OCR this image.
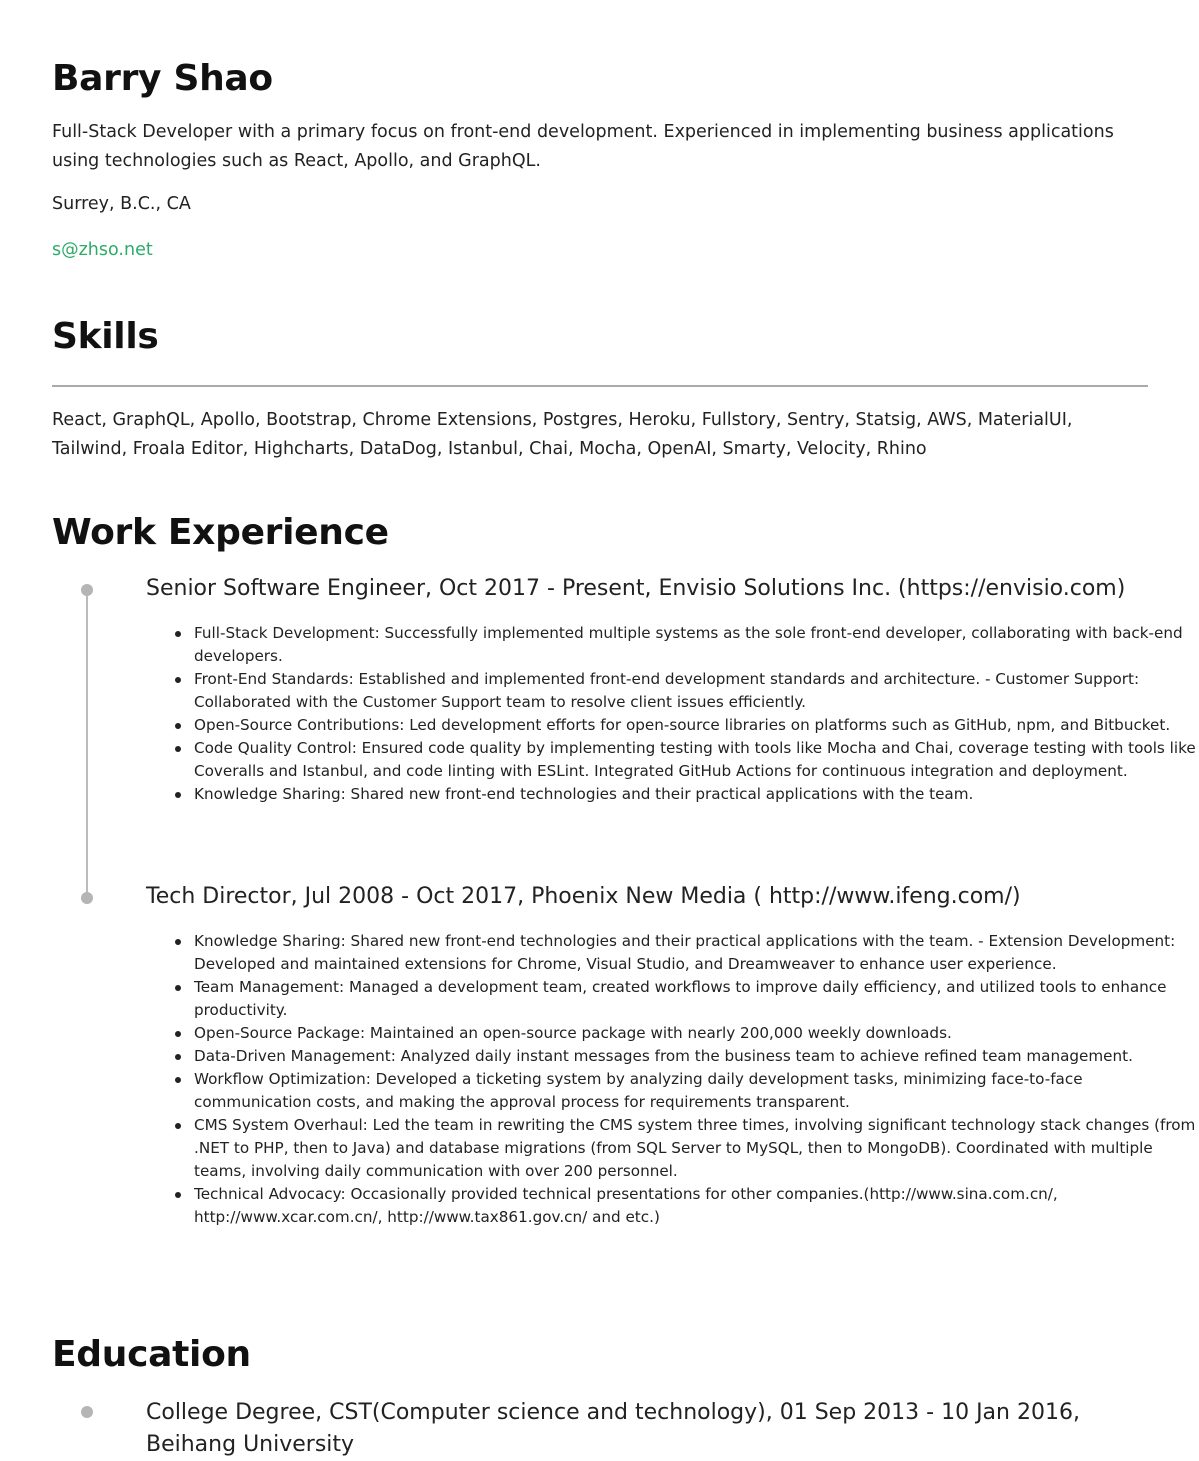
Barry Shao

Full-Stack Developer with a primary focus on front-end development. Experienced in implementing business applications using technologies such as React, Apollo, and GraphQL.

Surrey, B.C., CA

s@zhso.net
Skills

React, GraphQL, Apollo, Bootstrap, Chrome Extensions, Postgres, Heroku, Fullstory, Sentry, Statsig, AWS, MaterialUI, Tailwind, Froala Editor, Highcharts, DataDog, Istanbul, Chai, Mocha, OpenAI, Smarty, Velocity, Rhino

Work Experience
Senior Software Engineer, Oct 2017 - Present, Envisio Solutions Inc. (https://envisio.com)
Full-Stack Development: Successfully implemented multiple systems as the sole front-end developer, collaborating with back-end developers.
Front-End Standards: Established and implemented front-end development standards and architecture. - Customer Support: Collaborated with the Customer Support team to resolve client issues efficiently.
Open-Source Contributions: Led development efforts for open-source libraries on platforms such as GitHub, npm, and Bitbucket.
Code Quality Control: Ensured code quality by implementing testing with tools like Mocha and Chai, coverage testing with tools like Coveralls and Istanbul, and code linting with ESLint. Integrated GitHub Actions for continuous integration and deployment.
Knowledge Sharing: Shared new front-end technologies and their practical applications with the team.
Tech Director, Jul 2008 - Oct 2017, Phoenix New Media ( http://www.ifeng.com/)
Knowledge Sharing: Shared new front-end technologies and their practical applications with the team. - Extension Development: Developed and maintained extensions for Chrome, Visual Studio, and Dreamweaver to enhance user experience.
Team Management: Managed a development team, created workflows to improve daily efficiency, and utilized tools to enhance productivity.
Open-Source Package: Maintained an open-source package with nearly 200,000 weekly downloads.
Data-Driven Management: Analyzed daily instant messages from the business team to achieve refined team management.
Workflow Optimization: Developed a ticketing system by analyzing daily development tasks, minimizing face-to-face communication costs, and making the approval process for requirements transparent.
CMS System Overhaul: Led the team in rewriting the CMS system three times, involving significant technology stack changes (from .NET to PHP, then to Java) and database migrations (from SQL Server to MySQL, then to MongoDB). Coordinated with multiple teams, involving daily communication with over 200 personnel.
Technical Advocacy: Occasionally provided technical presentations for other companies.(http://www.sina.com.cn/, http://www.xcar.com.cn/, http://www.tax861.gov.cn/ and etc.)
Education

College Degree, CST(Computer science and technology), 01 Sep 2013 - 10 Jan 2016, Beihang University
